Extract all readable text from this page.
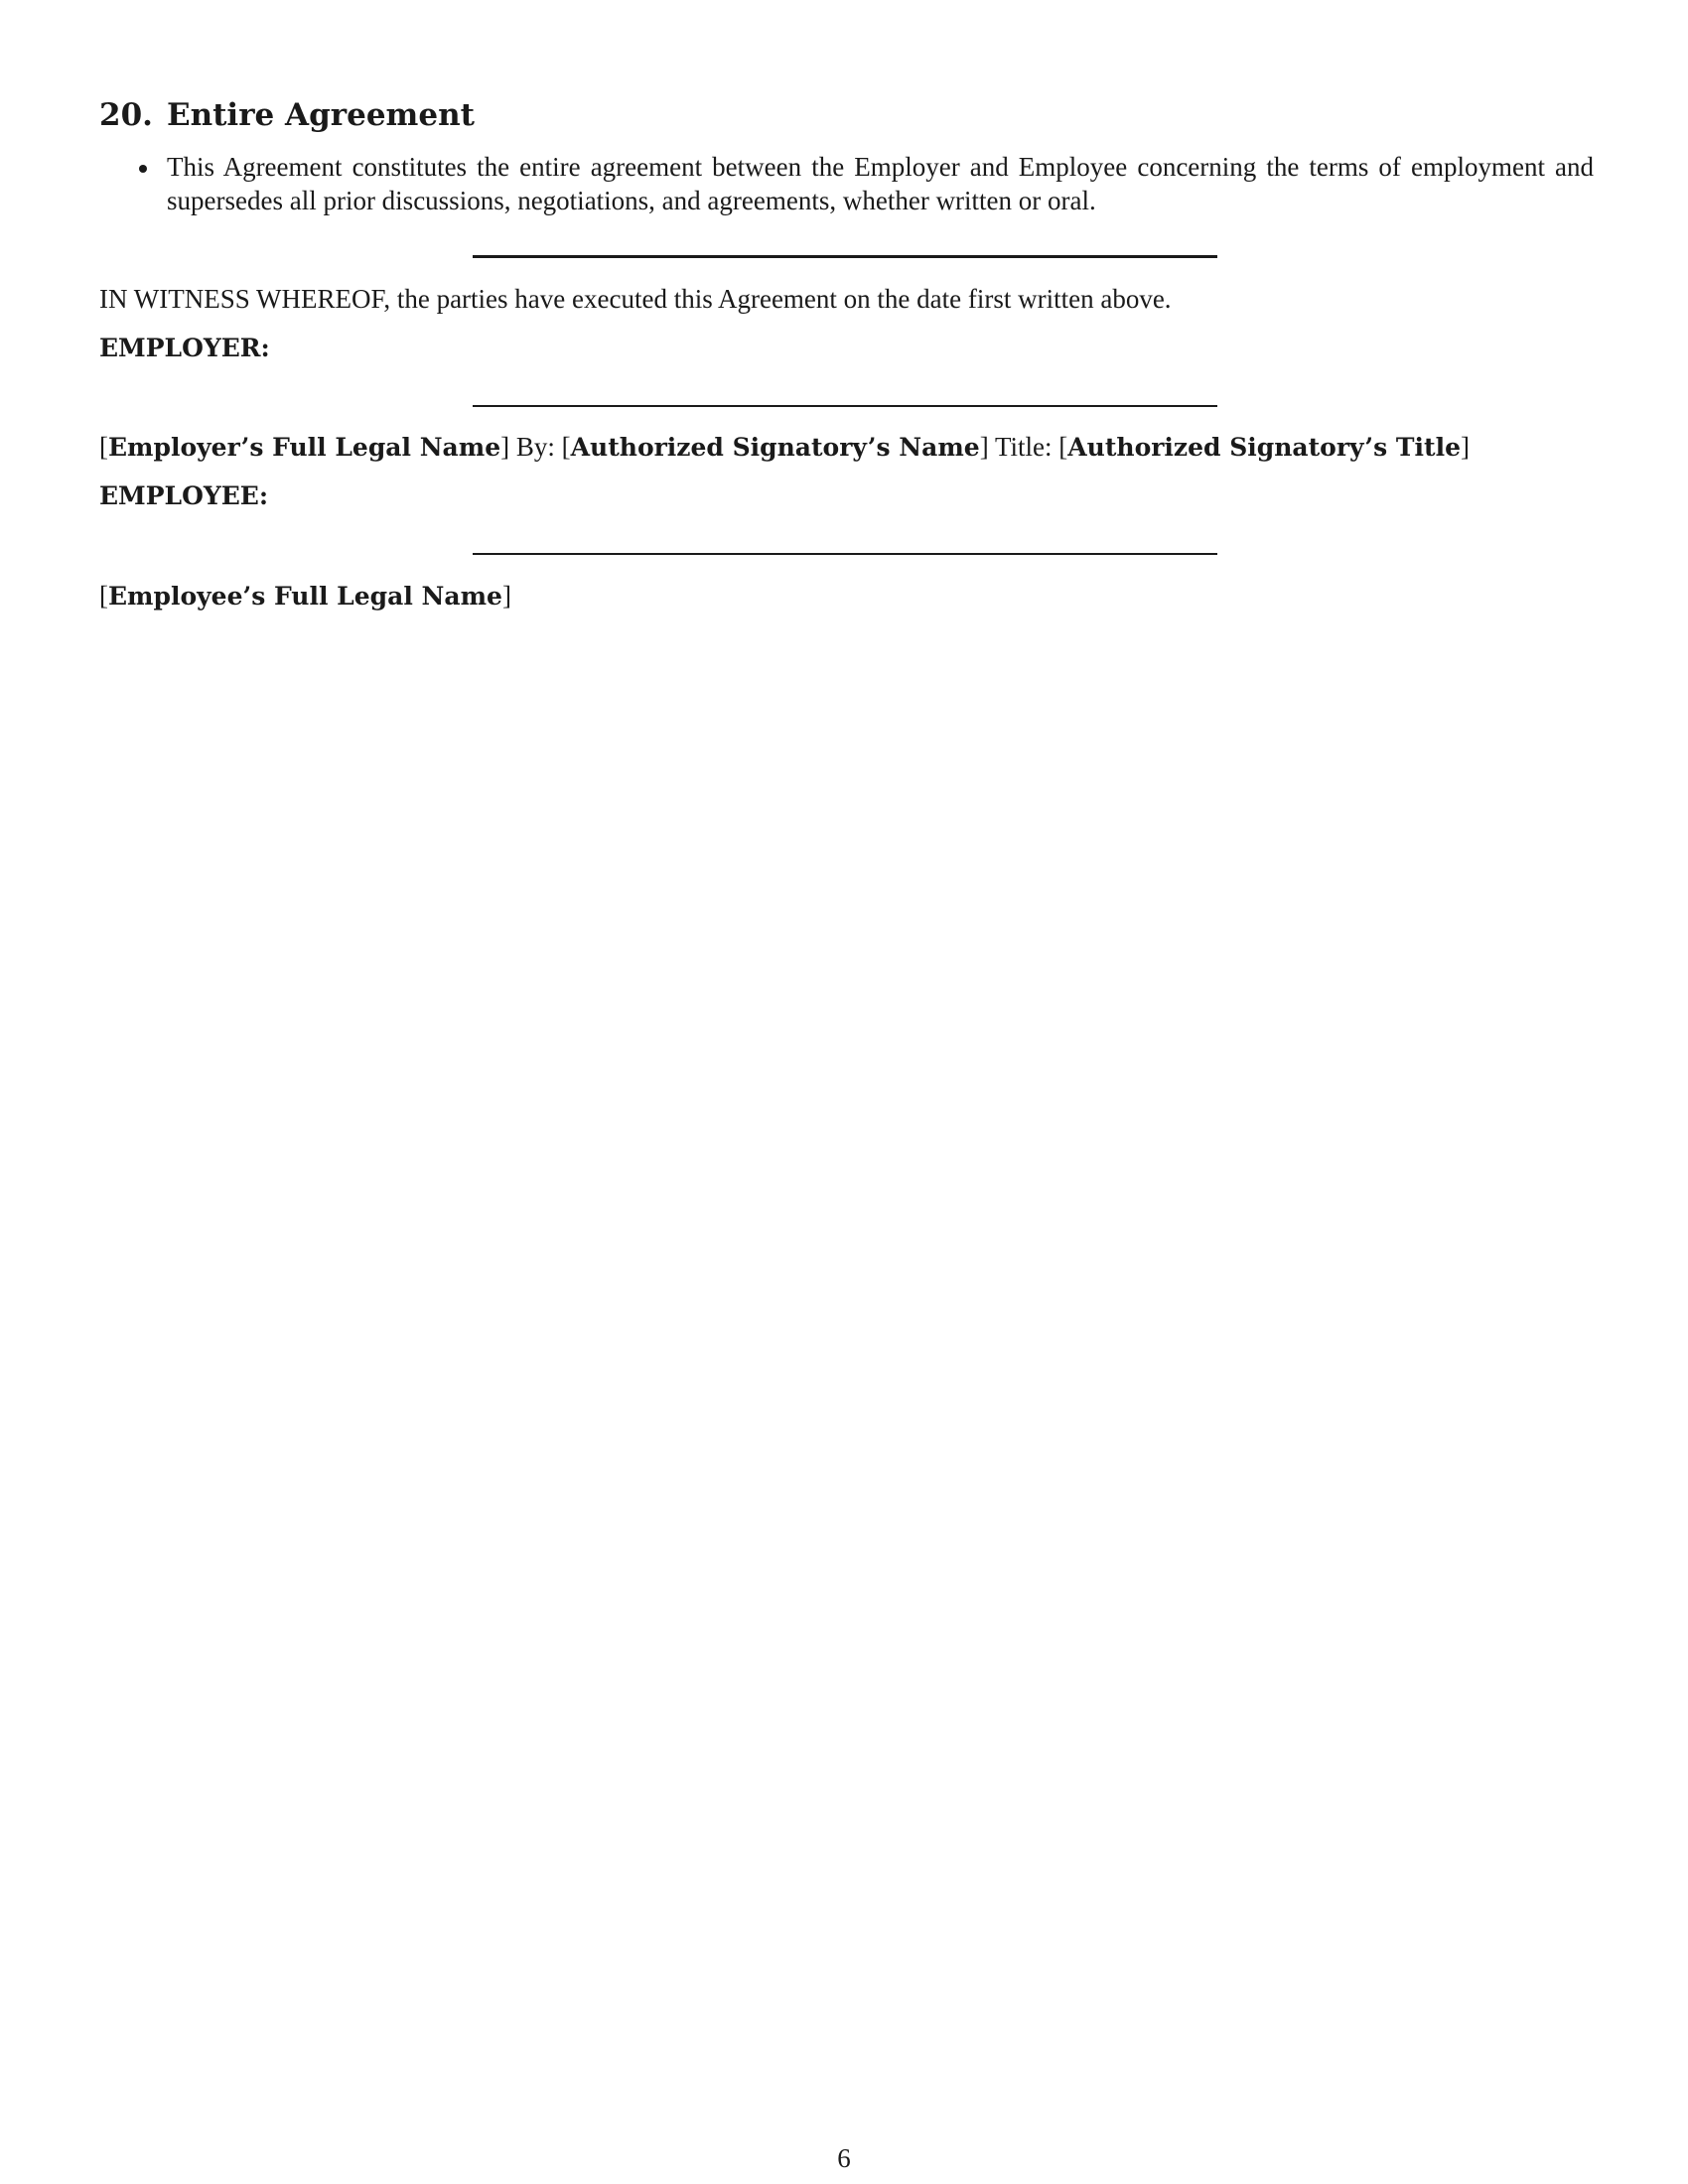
20. Entire Agreement
This Agreement constitutes the entire agreement between the Employer and Employee concerning the terms of employment and supersedes all prior discussions, negotiations, and agreements, whether written or oral.

IN WITNESS WHEREOF, the parties have executed this Agreement on the date first written above.

EMPLOYER:

[Employer’s Full Legal Name] By: [Authorized Signatory’s Name] Title: [Authorized Signatory’s Title]

EMPLOYEE:

[Employee’s Full Legal Name]

6
